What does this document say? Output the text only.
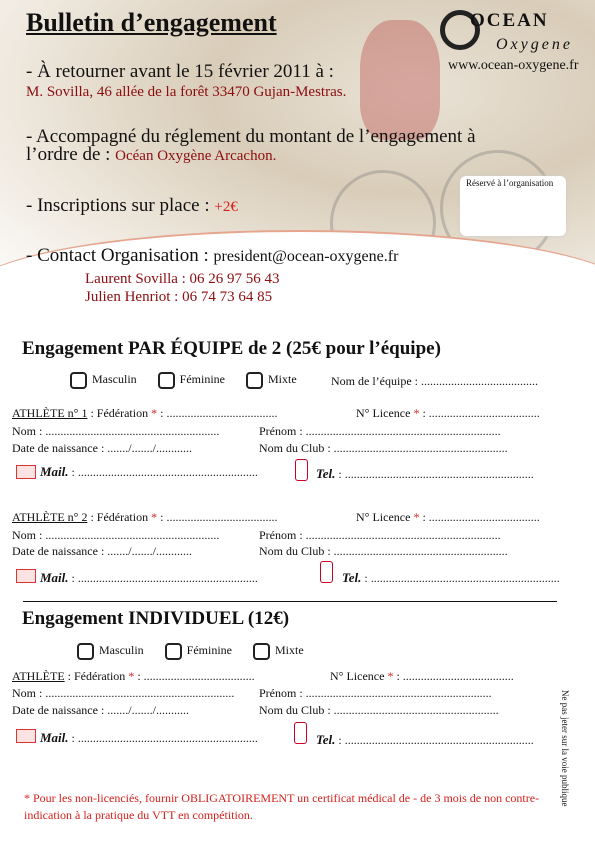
Bulletin d’engagement	OCEAN
Oxygene
www.ocean-oxygene.fr
- À retourner avant le 15 février 2011 à :
M. Sovilla, 46 allée de la forêt 33470 Gujan-Mestras.
- Accompagné du réglement du montant de l’engagement à
l’ordre de : Océan Oxygène Arcachon.
- Inscriptions sur place : +2€
Réservé à l’organisation
- Contact Organisation : president@ocean-oxygene.fr
Laurent Sovilla : 06 26 97 56 43
Julien Henriot : 06 74 73 64 85
Engagement PAR ÉQUIPE de 2 (25€ pour l’équipe)
Masculin	Féminine	Mixte	Nom de l’équipe : .......................................
ATHLÈTE n° 1 : Fédération * : .....................................	N° Licence * : .....................................
Nom : ..........................................................	Prénom : .................................................................
Date de naissance : ......./......./............	Nom du Club : ..........................................................
Mail. : ............................................................	Tel. : ...............................................................
ATHLÈTE n° 2 : Fédération * : .....................................	N° Licence * : .....................................
Nom : ..........................................................	Prénom : .................................................................
Date de naissance : ......./......./............	Nom du Club : ..........................................................
Mail. : ............................................................	Tel. : ...............................................................
Engagement INDIVIDUEL (12€)
Masculin	Féminine	Mixte
ATHLÈTE : Fédération * : .....................................	N° Licence * : .....................................
Nom : ............................................................... Prénom : ..............................................................
Date de naissance : ......./......./...........	Nom du Club : .......................................................
Mail. : ............................................................	Tel. : ...............................................................	Ne pas jeter sur la voie publique
* Pour les non-licenciés, fournir OBLIGATOIREMENT un certificat médical de - de 3 mois de non contre-indication à la pratique du VTT en compétition.
